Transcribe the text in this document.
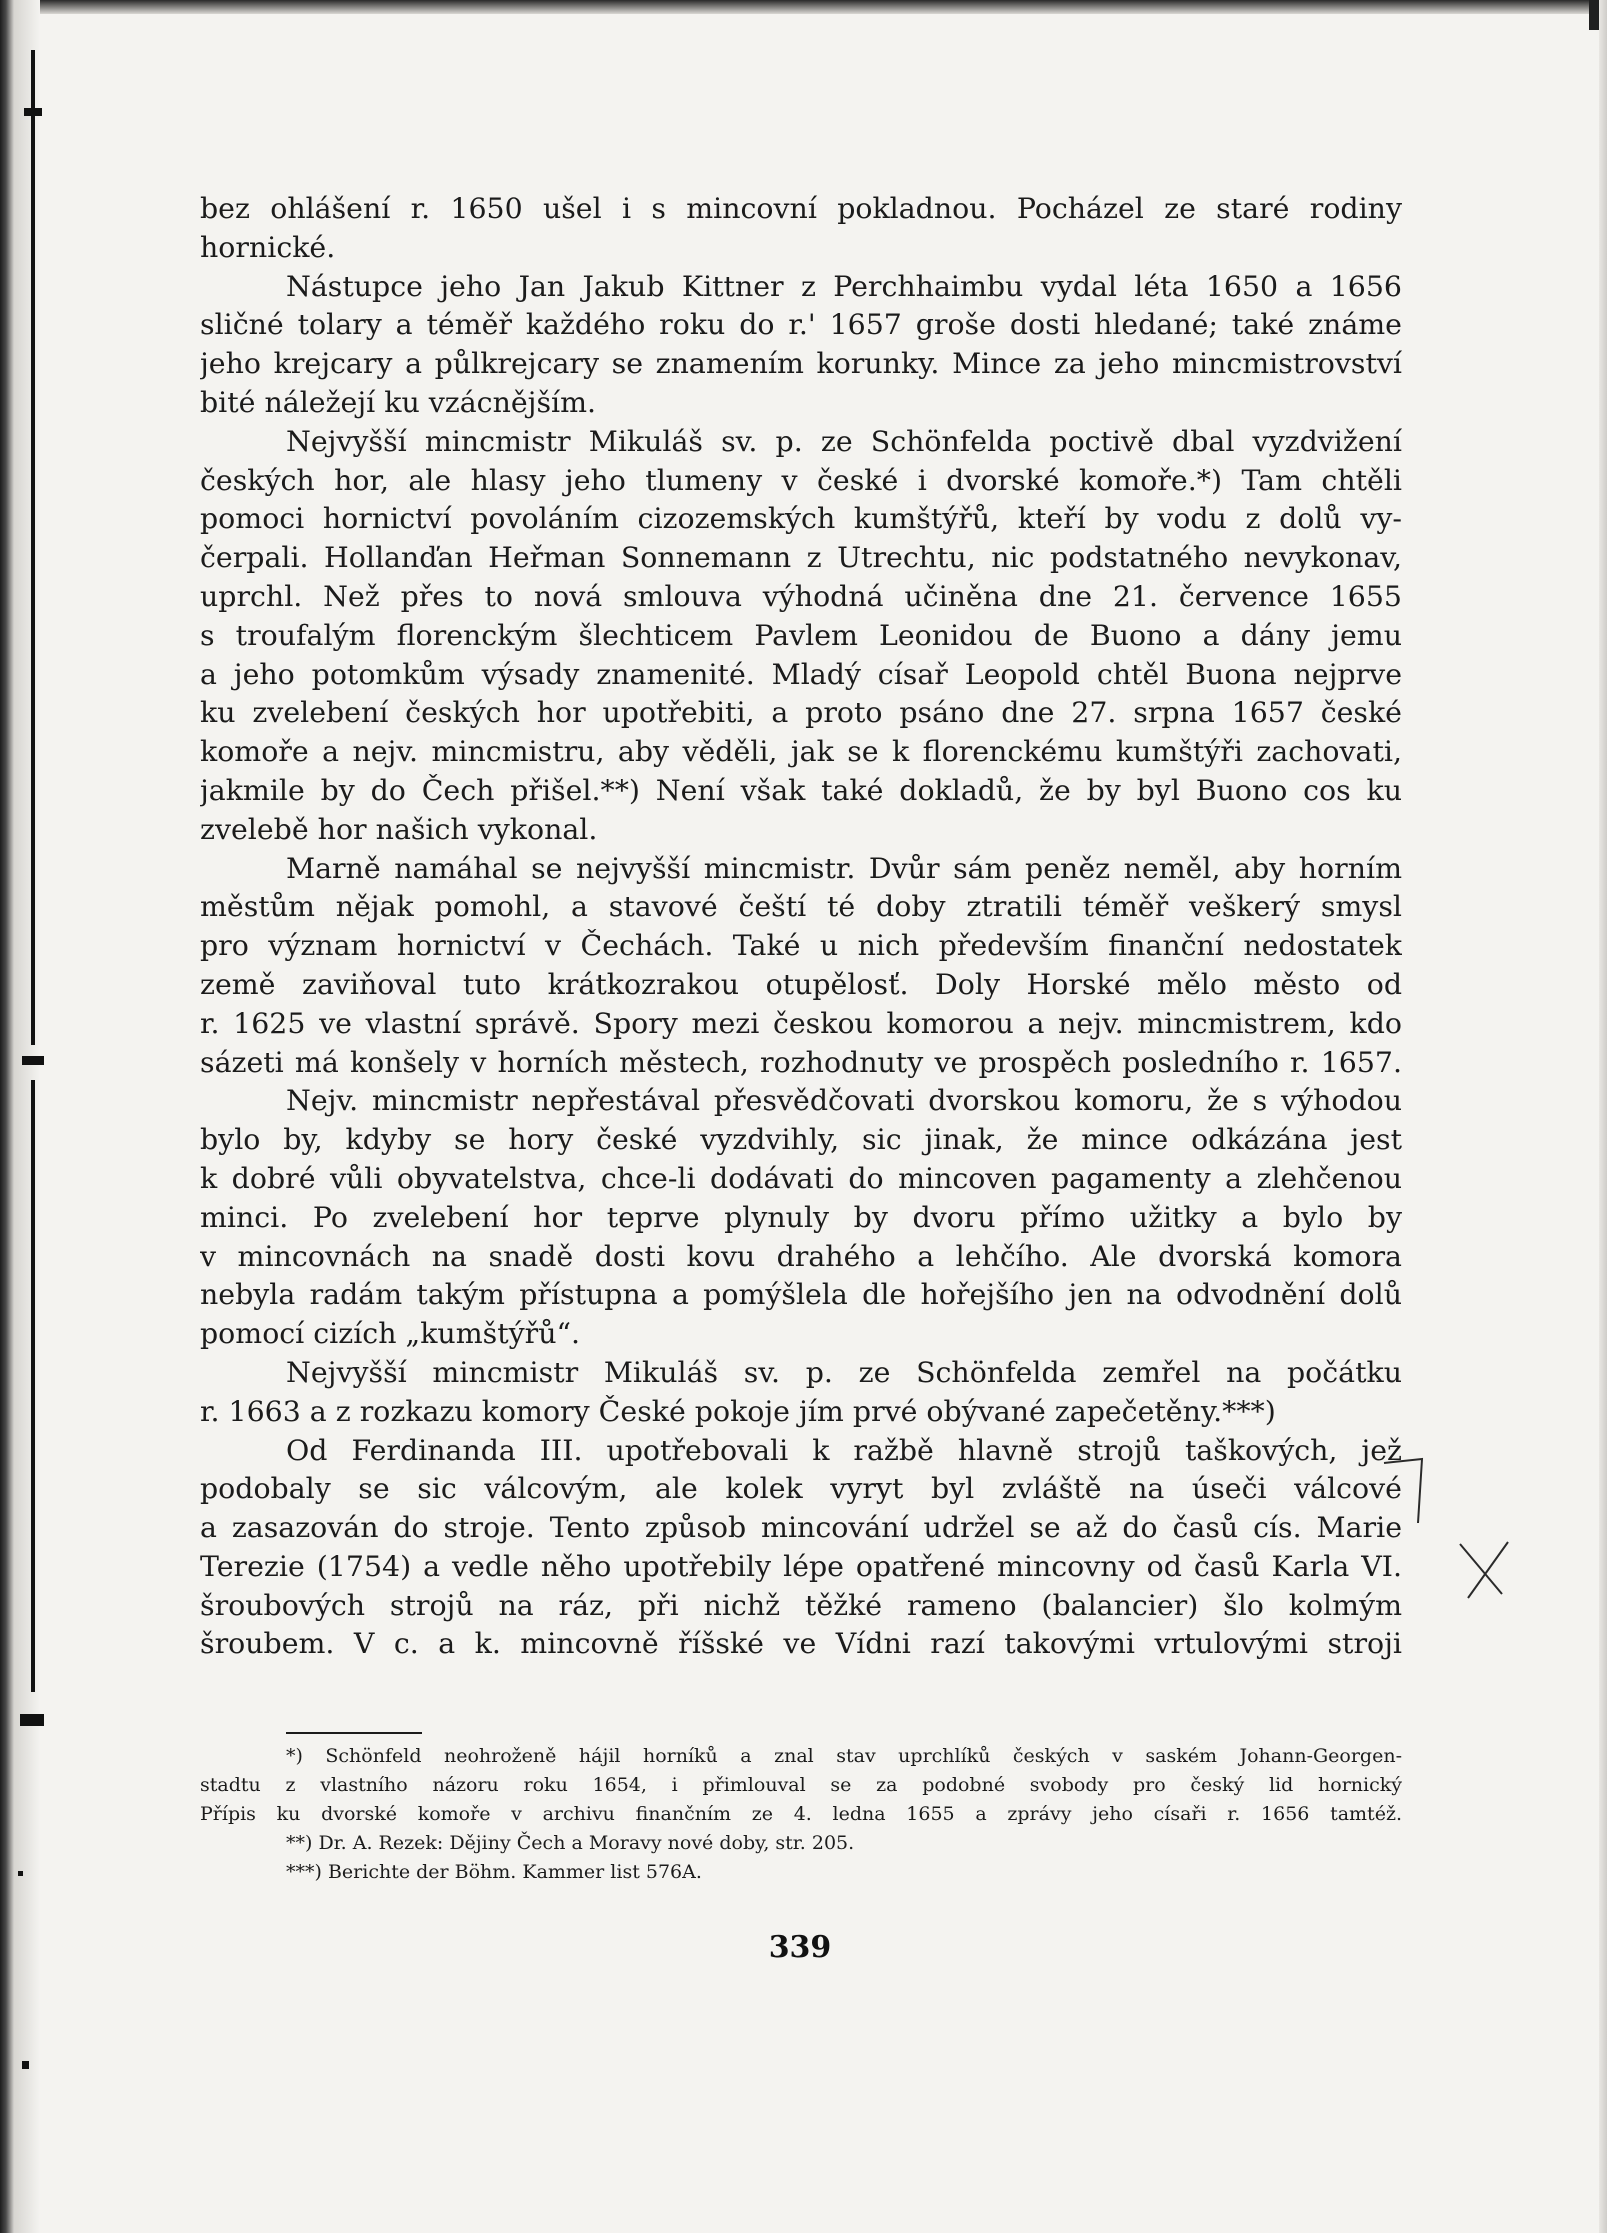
bez ohlášení r. 1650 ušel i s mincovní pokladnou. Pocházel ze staré rodiny
hornické.
Nástupce jeho Jan Jakub Kittner z Perchhaimbu vydal léta 1650 a 1656
sličné tolary a téměř každého roku do r.' 1657 groše dosti hledané; také známe
jeho krejcary a půlkrejcary se znamením korunky. Mince za jeho mincmistrovství
bité náležejí ku vzácnějším.
Nejvyšší mincmistr Mikuláš sv. p. ze Schönfelda poctivě dbal vyzdvižení
českých hor, ale hlasy jeho tlumeny v české i dvorské komoře.*) Tam chtěli
pomoci hornictví povoláním cizozemských kumštýřů, kteří by vodu z dolů vy-
čerpali. Hollanďan Heřman Sonnemann z Utrechtu, nic podstatného nevykonav,
uprchl. Než přes to nová smlouva výhodná učiněna dne 21. července 1655
s troufalým florenckým šlechticem Pavlem Leonidou de Buono a dány jemu
a jeho potomkům výsady znamenité. Mladý císař Leopold chtěl Buona nejprve
ku zvelebení českých hor upotřebiti, a proto psáno dne 27. srpna 1657 české
komoře a nejv. mincmistru, aby věděli, jak se k florenckému kumštýři zachovati,
jakmile by do Čech přišel.**) Není však také dokladů, že by byl Buono cos ku
zvelebě hor našich vykonal.
Marně namáhal se nejvyšší mincmistr. Dvůr sám peněz neměl, aby horním
městům nějak pomohl, a stavové čeští té doby ztratili téměř veškerý smysl
pro význam hornictví v Čechách. Také u nich především finanční nedostatek
země zaviňoval tuto krátkozrakou otupělosť. Doly Horské mělo město od
r. 1625 ve vlastní správě. Spory mezi českou komorou a nejv. mincmistrem, kdo
sázeti má konšely v horních městech, rozhodnuty ve prospěch posledního r. 1657.
Nejv. mincmistr nepřestával přesvědčovati dvorskou komoru, že s výhodou
bylo by, kdyby se hory české vyzdvihly, sic jinak, že mince odkázána jest
k dobré vůli obyvatelstva, chce-li dodávati do mincoven pagamenty a zlehčenou
minci. Po zvelebení hor teprve plynuly by dvoru přímo užitky a bylo by
v mincovnách na snadě dosti kovu drahého a lehčího. Ale dvorská komora
nebyla radám takým přístupna a pomýšlela dle hořejšího jen na odvodnění dolů
pomocí cizích „kumštýřů“.
Nejvyšší mincmistr Mikuláš sv. p. ze Schönfelda zemřel na počátku
r. 1663 a z rozkazu komory České pokoje jím prvé obývané zapečetěny.***)
Od Ferdinanda III. upotřebovali k ražbě hlavně strojů taškových, jež
podobaly se sic válcovým, ale kolek vyryt byl zvláště na úseči válcové
a zasazován do stroje. Tento způsob mincování udržel se až do časů cís. Marie
Terezie (1754) a vedle něho upotřebily lépe opatřené mincovny od časů Karla VI.
šroubových strojů na ráz, při nichž těžké rameno (balancier) šlo kolmým
šroubem. V c. a k. mincovně říšské ve Vídni razí takovými vrtulovými stroji
*) Schönfeld neohroženě hájil horníků a znal stav uprchlíků českých v saském Johann-Georgen-
stadtu z vlastního názoru roku 1654, i přimlouval se za podobné svobody pro český lid hornický
Přípis ku dvorské komoře v archivu finančním ze 4. ledna 1655 a zprávy jeho císaři r. 1656 tamtéž.
**) Dr. A. Rezek: Dějiny Čech a Moravy nové doby, str. 205.
***) Berichte der Böhm. Kammer list 576A.
339
